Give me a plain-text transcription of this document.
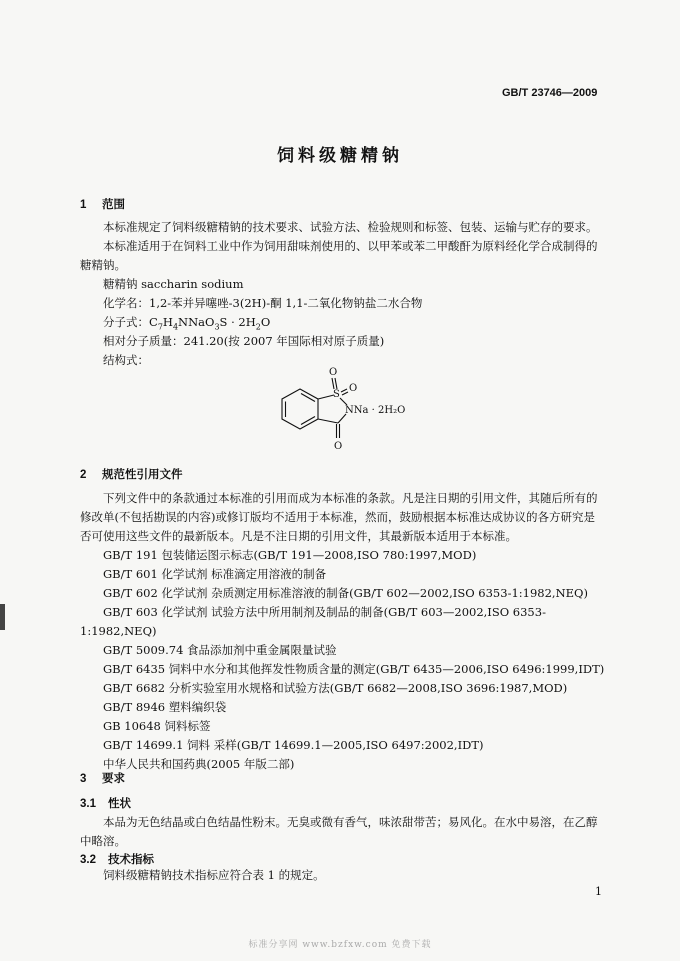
GB/T 23746—2009
饲料级糖精钠
1 范围

本标准规定了饲料级糖精钠的技术要求、试验方法、检验规则和标签、包装、运输与贮存的要求。

本标准适用于在饲料工业中作为饲用甜味剂使用的、以甲苯或苯二甲酸酐为原料经化学合成制得的糖精钠。

糖精钠 saccharin sodium

化学名：1,2-苯并异噻唑-3(2H)-酮 1,1-二氧化物钠盐二水合物

分子式：$C_7H_4NNaO_3S \cdot 2H_2O$

相对分子质量：241.20(按 2007 年国际相对原子质量)

结构式：

O
O
S
NNa · 2H₂O
O
2 规范性引用文件

下列文件中的条款通过本标准的引用而成为本标准的条款。凡是注日期的引用文件，其随后所有的修改单(不包括勘误的内容)或修订版均不适用于本标准，然而，鼓励根据本标准达成协议的各方研究是否可使用这些文件的最新版本。凡是不注日期的引用文件，其最新版本适用于本标准。

GB/T 191 包装储运图示标志(GB/T 191—2008,ISO 780:1997,MOD)

GB/T 601 化学试剂 标准滴定用溶液的制备

GB/T 602 化学试剂 杂质测定用标准溶液的制备(GB/T 602—2002,ISO 6353-1:1982,NEQ)

GB/T 603 化学试剂 试验方法中所用制剂及制品的制备(GB/T 603—2002,ISO 6353-1:1982,NEQ)

GB/T 5009.74 食品添加剂中重金属限量试验

GB/T 6435 饲料中水分和其他挥发性物质含量的测定(GB/T 6435—2006,ISO 6496:1999,IDT)

GB/T 6682 分析实验室用水规格和试验方法(GB/T 6682—2008,ISO 3696:1987,MOD)

GB/T 8946 塑料编织袋

GB 10648 饲料标签

GB/T 14699.1 饲料 采样(GB/T 14699.1—2005,ISO 6497:2002,IDT)

中华人民共和国药典(2005 年版二部)

3 要求
3.1 性状

本品为无色结晶或白色结晶性粉末。无臭或微有香气，味浓甜带苦；易风化。在水中易溶，在乙醇中略溶。

3.2 技术指标

饲料级糖精钠技术指标应符合表 1 的规定。

1
标准分享网 www.bzfxw.com 免费下载
